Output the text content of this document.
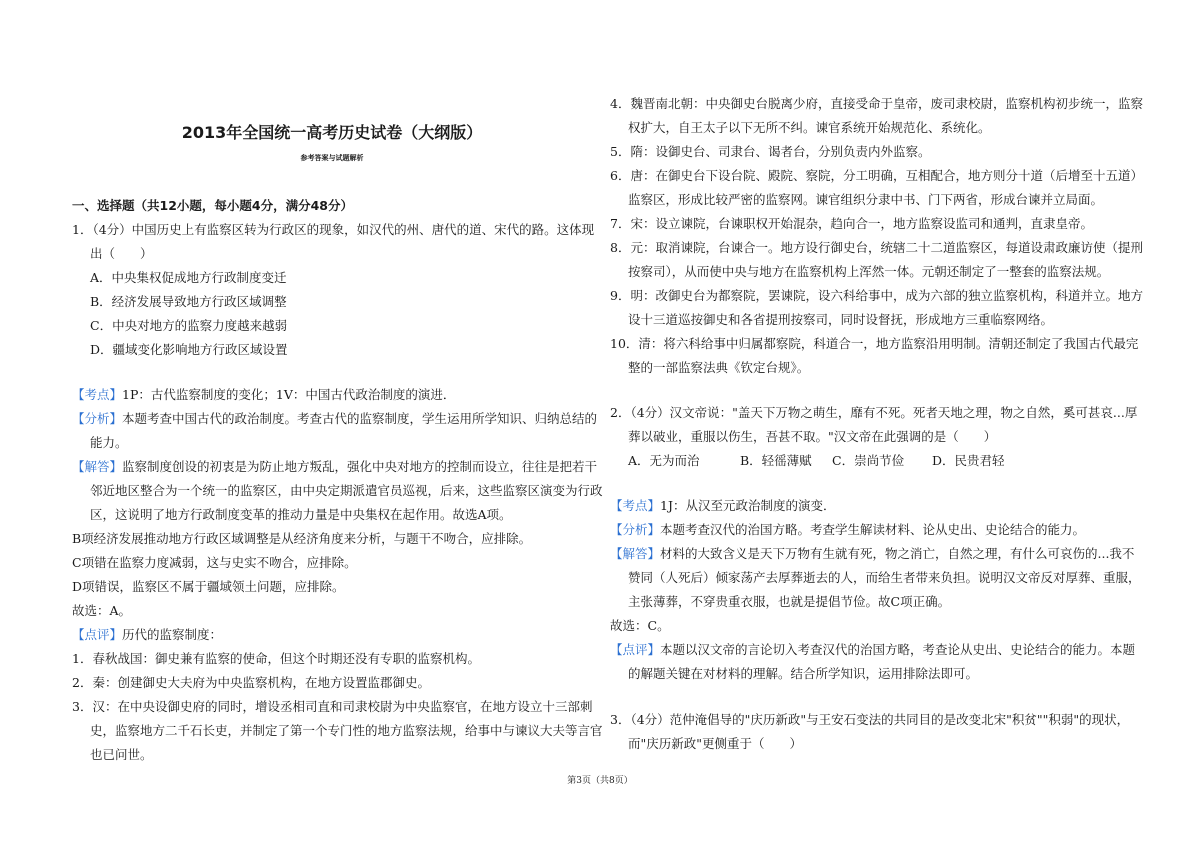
2013年全国统一高考历史试卷（大纲版）
参考答案与试题解析
一、选择题（共12小题，每小题4分，满分48分）
1．（4分）中国历史上有监察区转为行政区的现象，如汉代的州、唐代的道、宋代的路。这体现
出（　　）
A．中央集权促成地方行政制度变迁
B．经济发展导致地方行政区域调整
C．中央对地方的监察力度越来越弱
D．疆域变化影响地方行政区域设置
【考点】1P：古代监察制度的变化；1V：中国古代政治制度的演进．
【分析】本题考查中国古代的政治制度。考查古代的监察制度，学生运用所学知识、归纳总结的
能力。
【解答】监察制度创设的初衷是为防止地方叛乱，强化中央对地方的控制而设立，往往是把若干
邻近地区整合为一个统一的监察区，由中央定期派遣官员巡视，后来，这些监察区演变为行政
区，这说明了地方行政制度变革的推动力量是中央集权在起作用。故选A项。
B项经济发展推动地方行政区域调整是从经济角度来分析，与题干不吻合，应排除。
C项错在监察力度减弱，这与史实不吻合，应排除。
D项错误，监察区不属于疆域领土问题，应排除。
故选：A。
【点评】历代的监察制度：
1．春秋战国：御史兼有监察的使命，但这个时期还没有专职的监察机构。
2．秦：创建御史大夫府为中央监察机构，在地方设置监郡御史。
3．汉：在中央设御史府的同时，增设丞相司直和司隶校尉为中央监察官，在地方设立十三部刺
史，监察地方二千石长吏，并制定了第一个专门性的地方监察法规，给事中与谏议大夫等言官
也已问世。
4．魏晋南北朝：中央御史台脱离少府，直接受命于皇帝，废司隶校尉，监察机构初步统一，监察
权扩大，自王太子以下无所不纠。谏官系统开始规范化、系统化。
5．隋：设御史台、司隶台、谒者台，分别负责内外监察。
6．唐：在御史台下设台院、殿院、察院，分工明确，互相配合，地方则分十道（后增至十五道）
监察区，形成比较严密的监察网。谏官组织分隶中书、门下两省，形成台谏并立局面。
7．宋：设立谏院，台谏职权开始混杂，趋向合一，地方监察设监司和通判，直隶皇帝。
8．元：取消谏院，台谏合一。地方设行御史台，统辖二十二道监察区，每道设肃政廉访使（提刑
按察司），从而使中央与地方在监察机构上浑然一体。元朝还制定了一整套的监察法规。
9．明：改御史台为都察院，罢谏院，设六科给事中，成为六部的独立监察机构，科道并立。地方
设十三道巡按御史和各省提刑按察司，同时设督抚，形成地方三重临察网络。
10．清：将六科给事中归属都察院，科道合一，地方监察沿用明制。清朝还制定了我国古代最完
整的一部监察法典《钦定台规》。
2．（4分）汉文帝说："盖天下万物之萌生，靡有不死。死者天地之理，物之自然，奚可甚哀...厚
葬以破业，重服以伤生，吾甚不取。"汉文帝在此强调的是（　　）
A．无为而治	B．轻徭薄赋 C．崇尚节俭 D．民贵君轻
【考点】1J：从汉至元政治制度的演变．
【分析】本题考查汉代的治国方略。考查学生解读材料、论从史出、史论结合的能力。
【解答】材料的大致含义是天下万物有生就有死，物之消亡，自然之理，有什么可哀伤的...我不
赞同（人死后）倾家荡产去厚葬逝去的人，而给生者带来负担。说明汉文帝反对厚葬、重服，
主张薄葬，不穿贵重衣服，也就是提倡节俭。故C项正确。
故选：C。
【点评】本题以汉文帝的言论切入考查汉代的治国方略，考查论从史出、史论结合的能力。本题
的解题关键在对材料的理解。结合所学知识，运用排除法即可。
3．（4分）范仲淹倡导的"庆历新政"与王安石变法的共同目的是改变北宋"积贫""积弱"的现状，
而"庆历新政"更侧重于（　　）
第3页（共8页）
